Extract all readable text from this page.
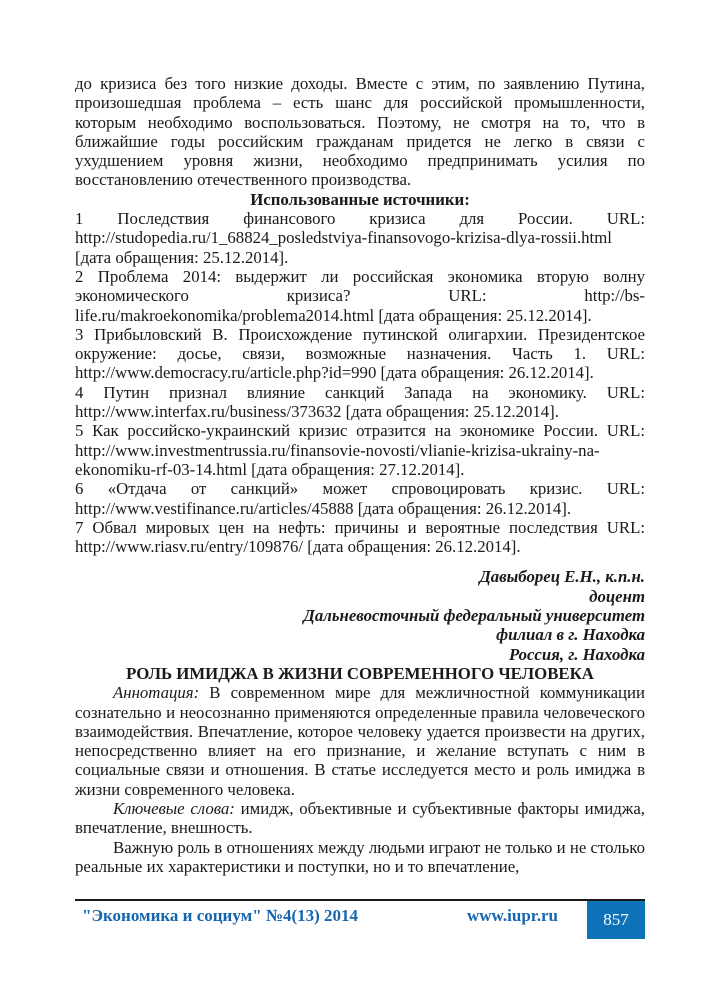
до кризиса без того низкие доходы. Вместе с этим, по заявлению Путина, произошедшая проблема – есть шанс для российской промышленности, которым необходимо воспользоваться. Поэтому, не смотря на то, что в ближайшие годы российским гражданам придется не легко в связи с ухудшением уровня жизни, необходимо предпринимать усилия по восстановлению отечественного производства.

Использованные источники:

1 Последствия финансового кризиса для России. URL: http://studopedia.ru/1_68824_posledstviya-finansovogo-krizisa-dlya-rossii.html [дата обращения: 25.12.2014].

2 Проблема 2014: выдержит ли российская экономика вторую волну экономического кризиса? URL: http://bs-life.ru/makroekonomika/problema2014.html [дата обращения: 25.12.2014].

3 Прибыловский В. Происхождение путинской олигархии. Президентское окружение: досье, связи, возможные назначения. Часть 1. URL: http://www.democracy.ru/article.php?id=990 [дата обращения: 26.12.2014].

4 Путин признал влияние санкций Запада на экономику. URL: http://www.interfax.ru/business/373632 [дата обращения: 25.12.2014].

5 Как российско-украинский кризис отразится на экономике России. URL: http://www.investmentrussia.ru/finansovie-novosti/vlianie-krizisa-ukrainy-na-ekonomiku-rf-03-14.html [дата обращения: 27.12.2014].

6 «Отдача от санкций» может спровоцировать кризис. URL: http://www.vestifinance.ru/articles/45888 [дата обращения: 26.12.2014].

7 Обвал мировых цен на нефть: причины и вероятные последствия URL: http://www.riasv.ru/entry/109876/ [дата обращения: 26.12.2014].

Давыборец Е.Н., к.п.н.
доцент
Дальневосточный федеральный университет
филиал в г. Находка
Россия, г. Находка

РОЛЬ ИМИДЖА В ЖИЗНИ СОВРЕМЕННОГО ЧЕЛОВЕКА

Аннотация: В современном мире для межличностной коммуникации сознательно и неосознанно применяются определенные правила человеческого взаимодействия. Впечатление, которое человеку удается произвести на других, непосредственно влияет на его признание, и желание вступать с ним в социальные связи и отношения. В статье исследуется место и роль имиджа в жизни современного человека.

Ключевые слова: имидж, объективные и субъективные факторы имиджа, впечатление, внешность.

Важную роль в отношениях между людьми играют не только и не столько реальные их характеристики и поступки, но и то впечатление,

"Экономика и социум" №4(13) 2014	www.iupr.ru	857
